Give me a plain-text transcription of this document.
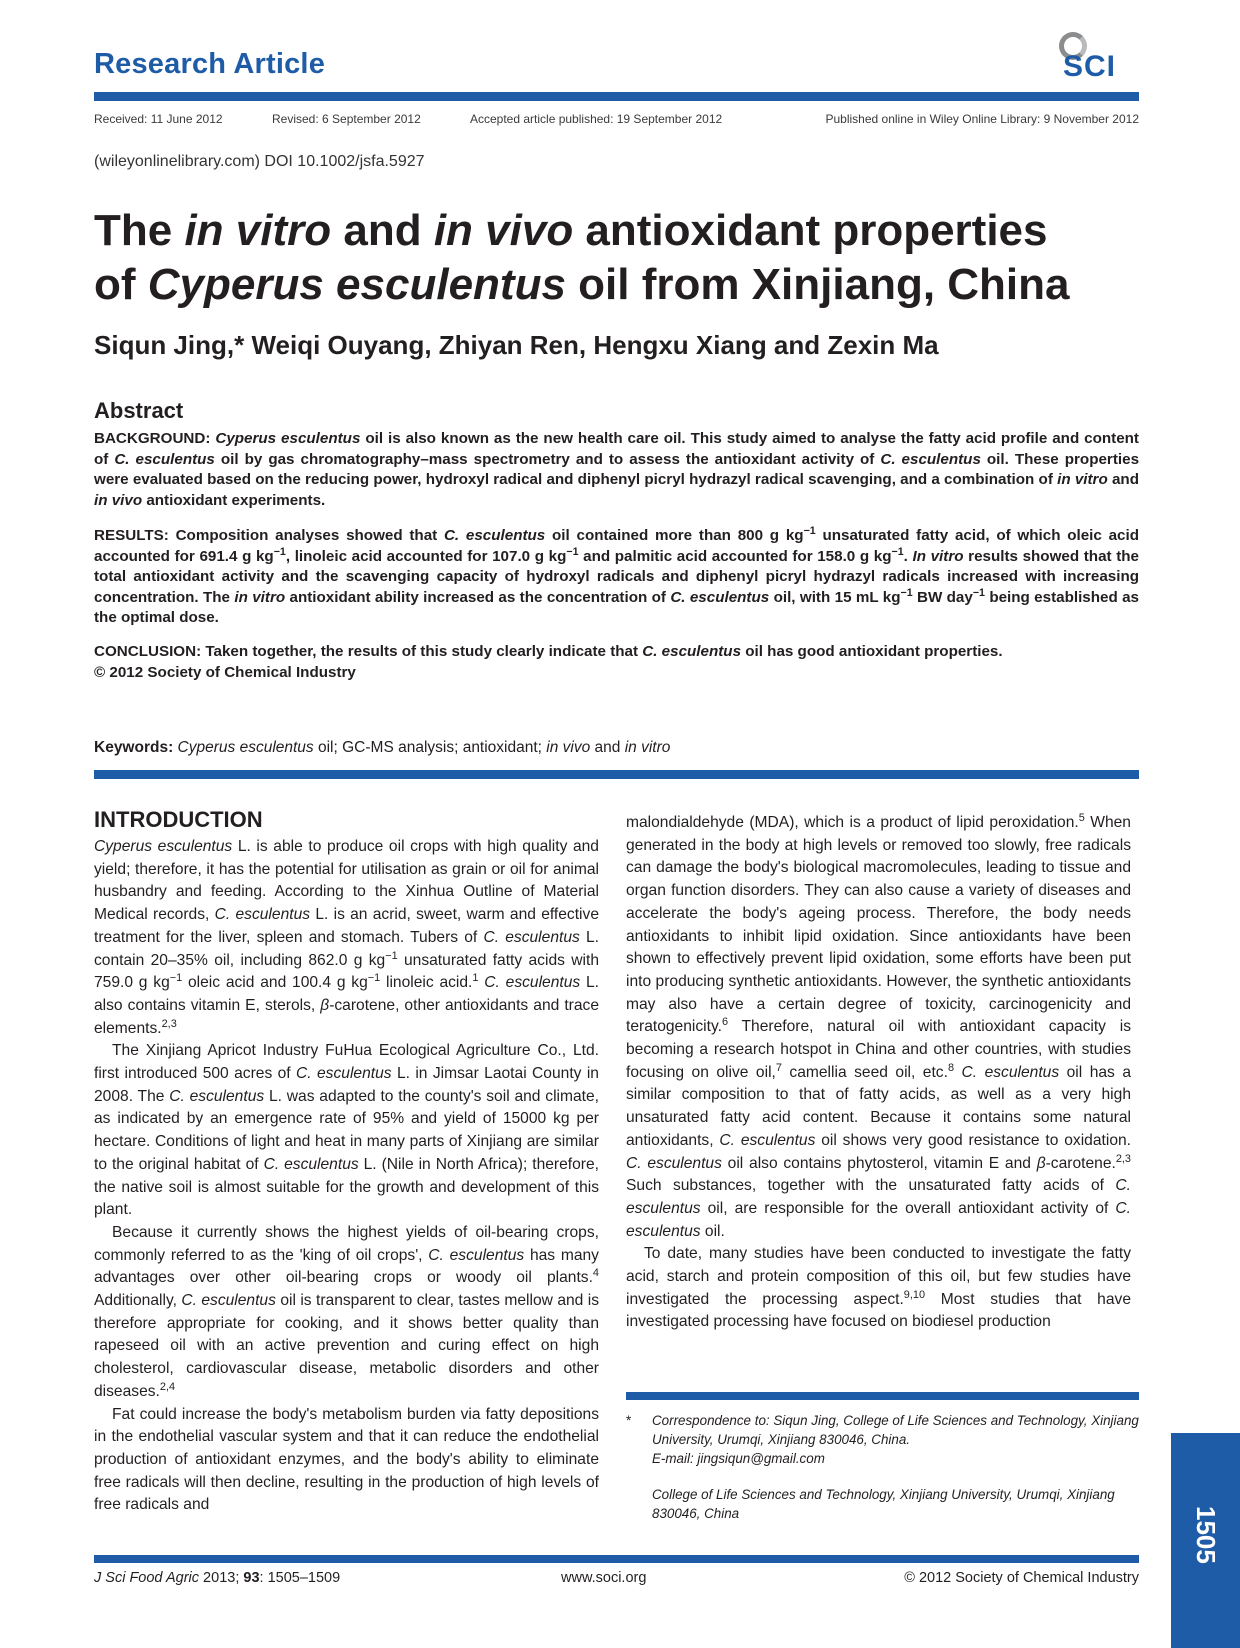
Research Article	SCI
Received: 11 June 2012	Revised: 6 September 2012	Accepted article published: 19 September 2012	Published online in Wiley Online Library: 9 November 2012
(wileyonlinelibrary.com) DOI 10.1002/jsfa.5927
The in vitro and in vivo antioxidant properties
of Cyperus esculentus oil from Xinjiang, China
Siqun Jing,* Weiqi Ouyang, Zhiyan Ren, Hengxu Xiang and Zexin Ma
Abstract
BACKGROUND: Cyperus esculentus oil is also known as the new health care oil. This study aimed to analyse the fatty acid profile and content of C. esculentus oil by gas chromatography–mass spectrometry and to assess the antioxidant activity of C. esculentus oil. These properties were evaluated based on the reducing power, hydroxyl radical and diphenyl picryl hydrazyl radical scavenging, and a combination of in vitro and in vivo antioxidant experiments.
RESULTS: Composition analyses showed that C. esculentus oil contained more than 800 g $kg^{-1}$ unsaturated fatty acid, of which oleic acid accounted for 691.4 g $kg^{-1}$, linoleic acid accounted for 107.0 g $kg^{-1}$ and palmitic acid accounted for 158.0 g $kg^{-1}$. In vitro results showed that the total antioxidant activity and the scavenging capacity of hydroxyl radicals and diphenyl picryl hydrazyl radicals increased with increasing concentration. The in vitro antioxidant ability increased as the concentration of C. esculentus oil, with 15 mL $kg^{-1}$ BW day$^{-1}$ being established as the optimal dose.
CONCLUSION: Taken together, the results of this study clearly indicate that C. esculentus oil has good antioxidant properties.
© 2012 Society of Chemical Industry
Keywords: Cyperus esculentus oil; GC-MS analysis; antioxidant; in vivo and in vitro
INTRODUCTION

Cyperus esculentus L. is able to produce oil crops with high quality and yield; therefore, it has the potential for utilisation as grain or oil for animal husbandry and feeding. According to the Xinhua Outline of Material Medical records, C. esculentus L. is an acrid, sweet, warm and effective treatment for the liver, spleen and stomach. Tubers of C. esculentus L. contain 20–35% oil, including 862.0 g $kg^{-1}$ unsaturated fatty acids with 759.0 g $kg^{-1}$ oleic acid and 100.4 g $kg^{-1}$ linoleic acid.$^1$ C. esculentus L. also contains vitamin E, sterols, β-carotene, other antioxidants and trace elements.$^{2,3}$

The Xinjiang Apricot Industry FuHua Ecological Agriculture Co., Ltd. first introduced 500 acres of C. esculentus L. in Jimsar Laotai County in 2008. The C. esculentus L. was adapted to the county's soil and climate, as indicated by an emergence rate of 95% and yield of 15000 kg per hectare. Conditions of light and heat in many parts of Xinjiang are similar to the original habitat of C. esculentus L. (Nile in North Africa); therefore, the native soil is almost suitable for the growth and development of this plant.

Because it currently shows the highest yields of oil-bearing crops, commonly referred to as the 'king of oil crops', C. esculentus has many advantages over other oil-bearing crops or woody oil plants.$^4$ Additionally, C. esculentus oil is transparent to clear, tastes mellow and is therefore appropriate for cooking, and it shows better quality than rapeseed oil with an active prevention and curing effect on high cholesterol, cardiovascular disease, metabolic disorders and other diseases.$^{2,4}$

Fat could increase the body's metabolism burden via fatty depositions in the endothelial vascular system and that it can reduce the endothelial production of antioxidant enzymes, and the body's ability to eliminate free radicals will then decline, resulting in the production of high levels of free radicals and

malondialdehyde (MDA), which is a product of lipid peroxidation.$^5$ When generated in the body at high levels or removed too slowly, free radicals can damage the body's biological macromolecules, leading to tissue and organ function disorders. They can also cause a variety of diseases and accelerate the body's ageing process. Therefore, the body needs antioxidants to inhibit lipid oxidation. Since antioxidants have been shown to effectively prevent lipid oxidation, some efforts have been put into producing synthetic antioxidants. However, the synthetic antioxidants may also have a certain degree of toxicity, carcinogenicity and teratogenicity.$^6$ Therefore, natural oil with antioxidant capacity is becoming a research hotspot in China and other countries, with studies focusing on olive oil,$^7$ camellia seed oil, etc.$^8$ C. esculentus oil has a similar composition to that of fatty acids, as well as a very high unsaturated fatty acid content. Because it contains some natural antioxidants, C. esculentus oil shows very good resistance to oxidation. C. esculentus oil also contains phytosterol, vitamin E and β-carotene.$^{2,3}$ Such substances, together with the unsaturated fatty acids of C. esculentus oil, are responsible for the overall antioxidant activity of C. esculentus oil.

To date, many studies have been conducted to investigate the fatty acid, starch and protein composition of this oil, but few studies have investigated the processing aspect.$^{9,10}$ Most studies that have investigated processing have focused on biodiesel production

*	Correspondence to: Siqun Jing, College of Life Sciences and Technology, Xinjiang University, Urumqi, Xinjiang 830046, China.

E-mail: jingsiqun@gmail.com

College of Life Sciences and Technology, Xinjiang University, Urumqi, Xinjiang 830046, China	1505
J Sci Food Agric 2013; 93: 1505–1509	www.soci.org	© 2012 Society of Chemical Industry
